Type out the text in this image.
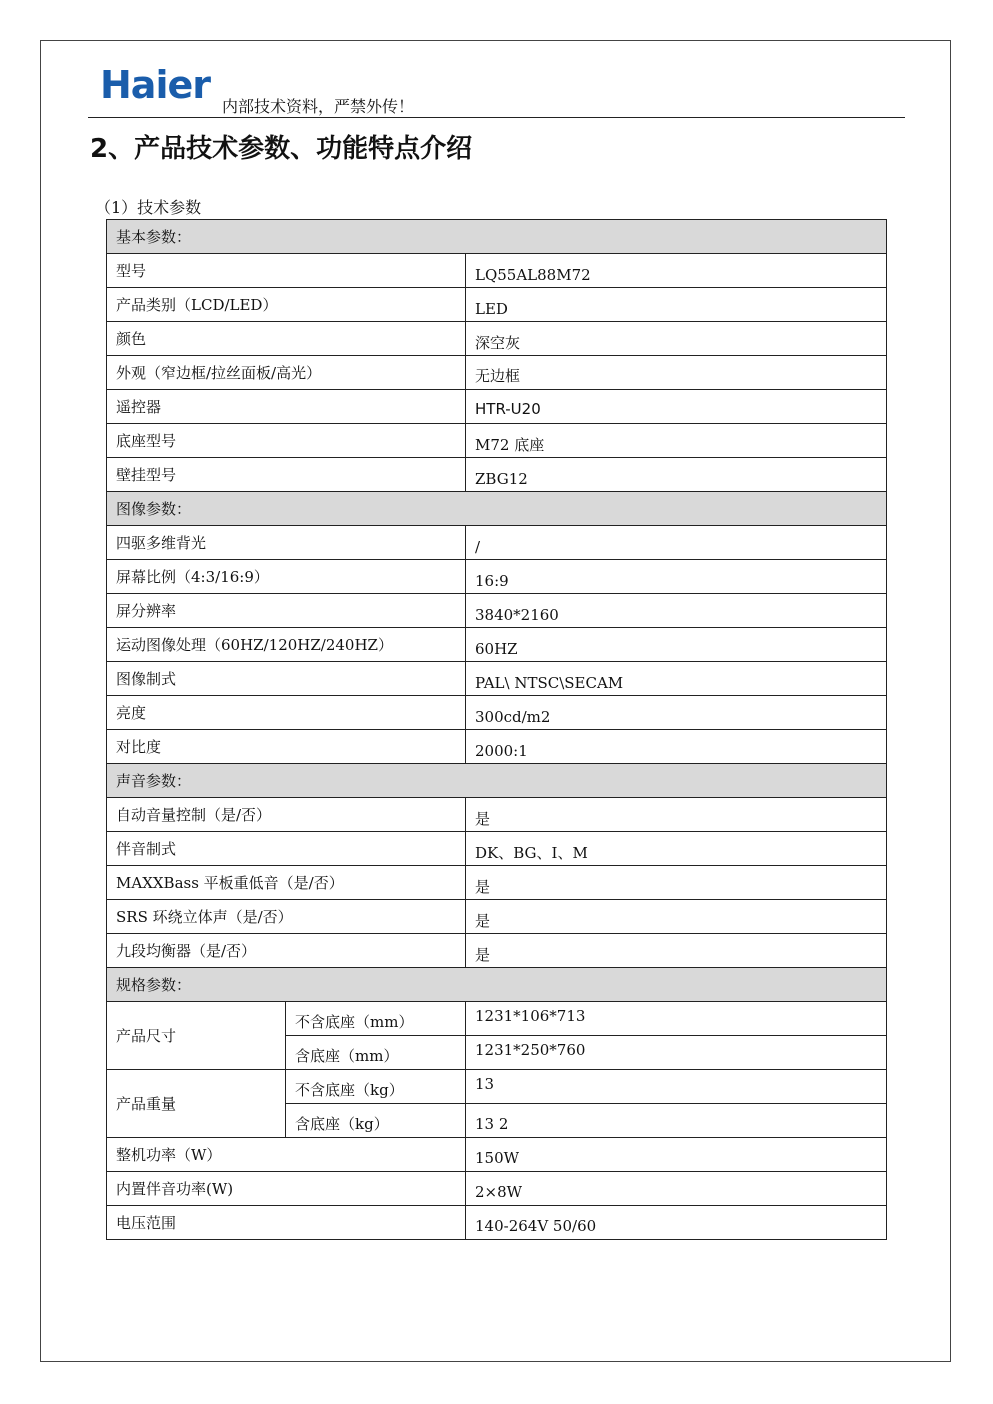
Haier 内部技术资料，严禁外传！
2、产品技术参数、功能特点介绍
（1）技术参数
基本参数：		
型号		LQ55AL88M72
产品类别（LCD/LED）		LED
颜色		深空灰
外观（窄边框/拉丝面板/高光）		无边框
遥控器		HTR-U20
底座型号		M72 底座
壁挂型号		ZBG12
图像参数：		
四驱多维背光		/
屏幕比例（4:3/16:9）		16:9
屏分辨率		3840*2160
运动图像处理（60HZ/120HZ/240HZ）		60HZ
图像制式		PAL\ NTSC\SECAM
亮度		300cd/m2
对比度		2000:1
声音参数：		
自动音量控制（是/否）		是
伴音制式		DK、BG、I、M
MAXXBass 平板重低音（是/否）		是
SRS 环绕立体声（是/否）		是
九段均衡器（是/否）		是
规格参数：		
产品尺寸	不含底座（mm）	1231*106*713
	含底座（mm）	1231*250*760
产品重量	不含底座（kg）	13
	含底座（kg）	13 2
整机功率（W）		150W
内置伴音功率(W)		2×8W
电压范围		140-264V 50/60
